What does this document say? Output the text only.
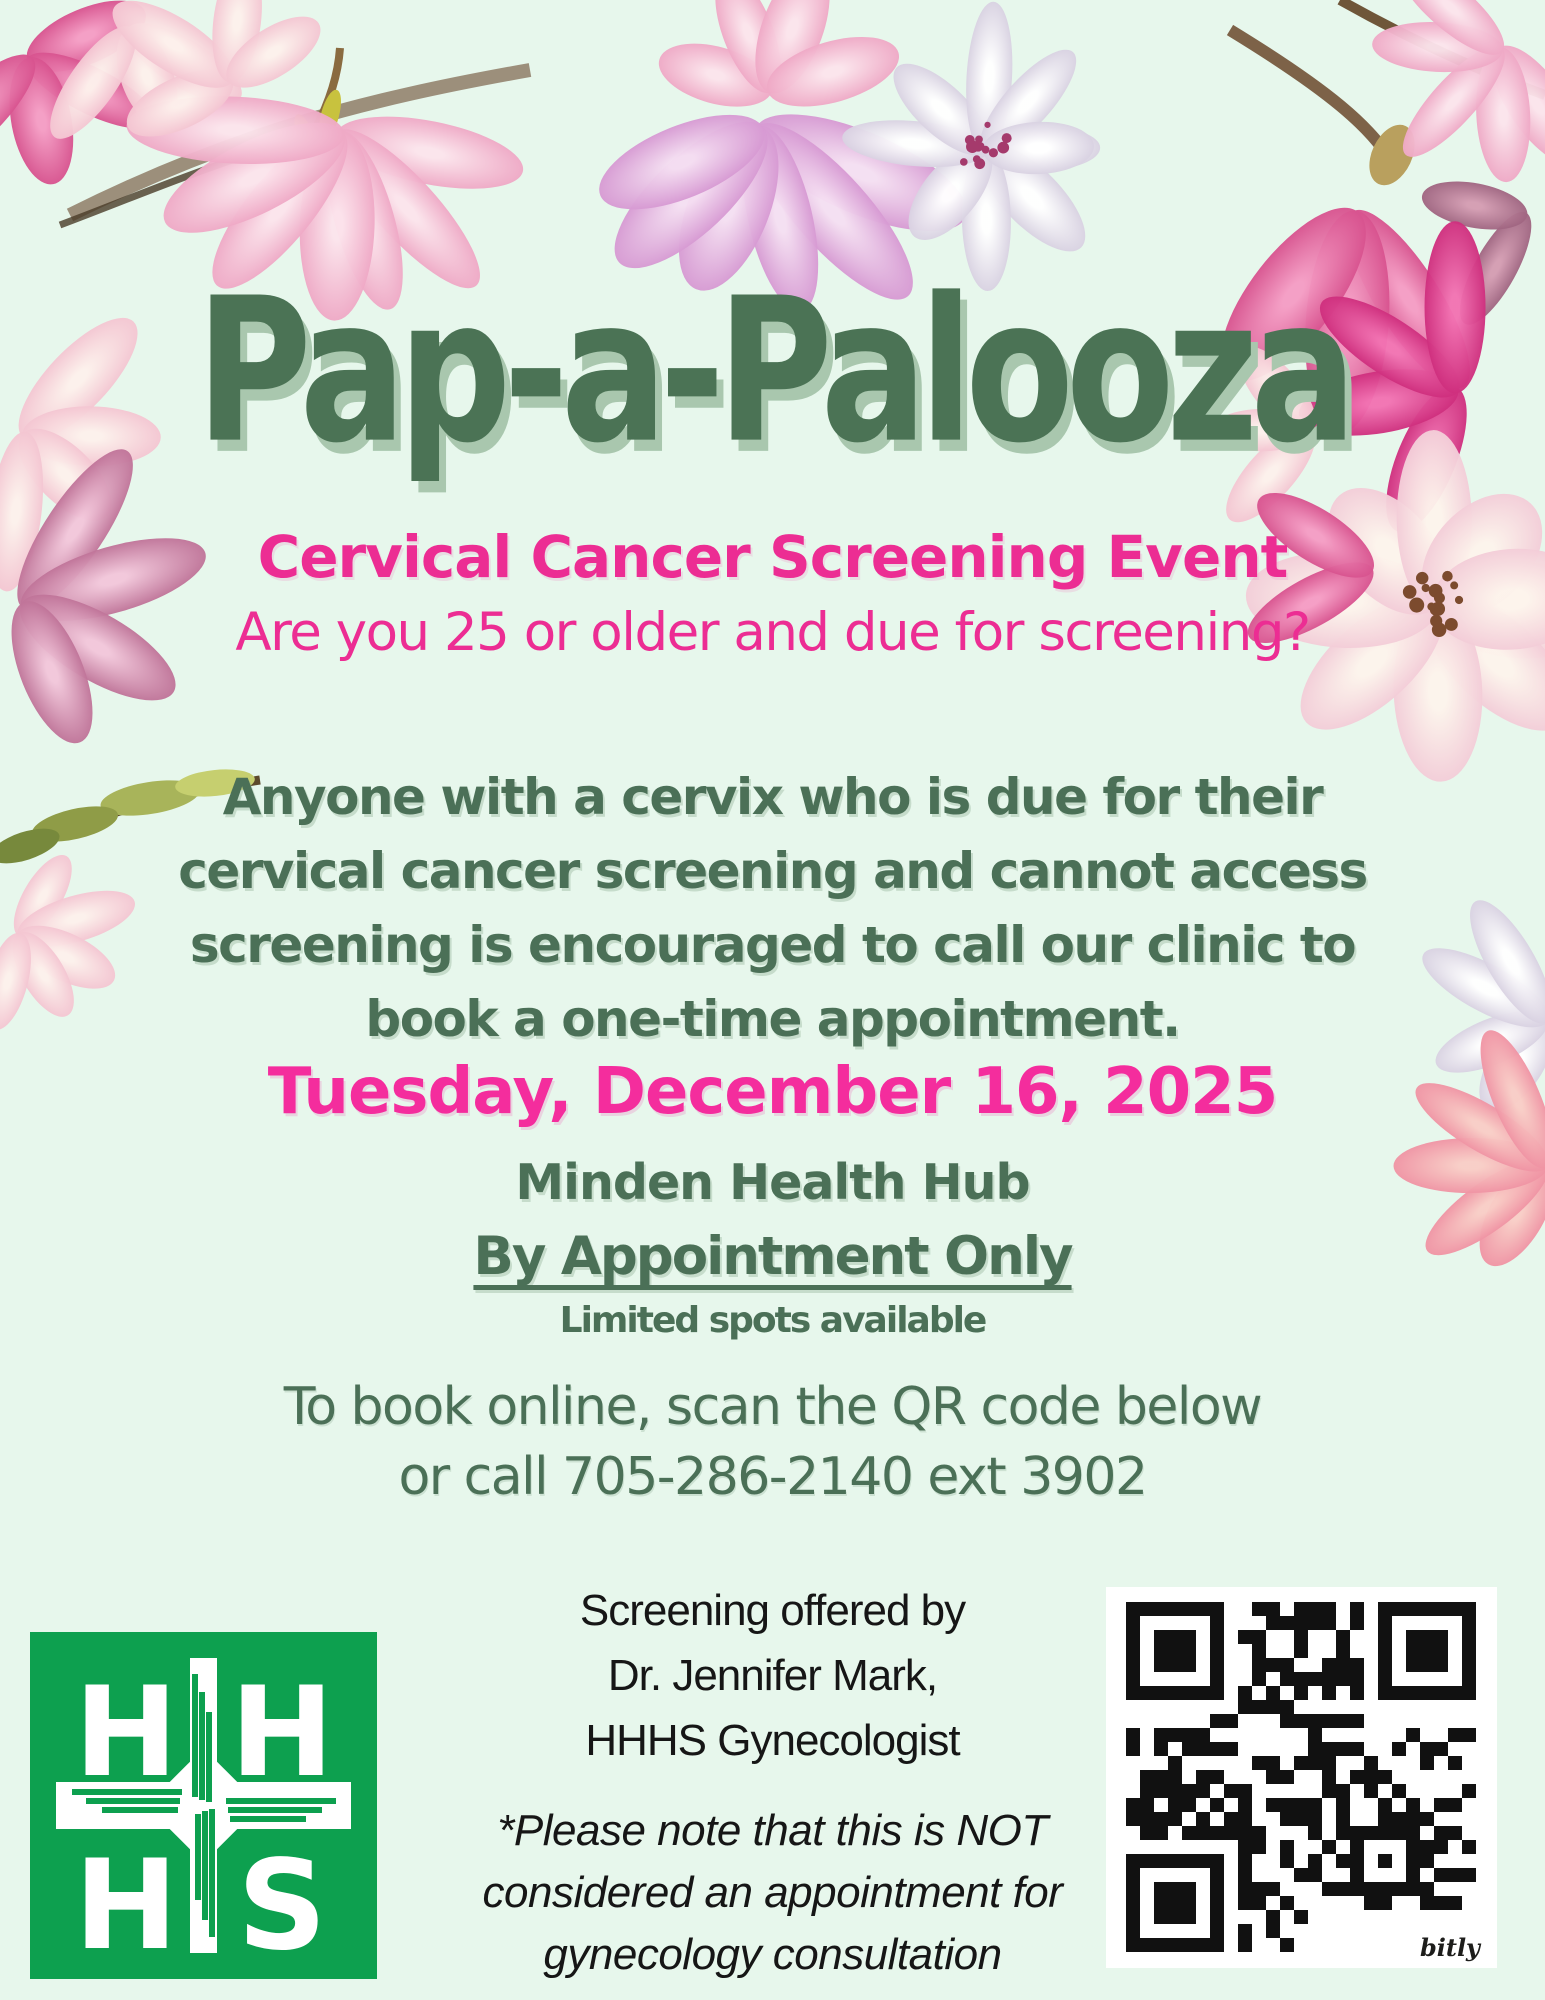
Pap-a-Palooza
Cervical Cancer Screening Event
Are you 25 or older and due for screening?
Anyone with a cervix who is due for their
cervical cancer screening and cannot access
screening is encouraged to call our clinic to
book a one-time appointment.
Tuesday, December 16, 2025
Minden Health Hub
By Appointment Only
Limited spots available
To book online, scan the QR code below
or call 705-286-2140 ext 3902
Screening offered by
Dr. Jennifer Mark,
HHHS Gynecologist
*Please note that this is NOT
considered an appointment for
gynecology consultation
H H
H S	bitly
